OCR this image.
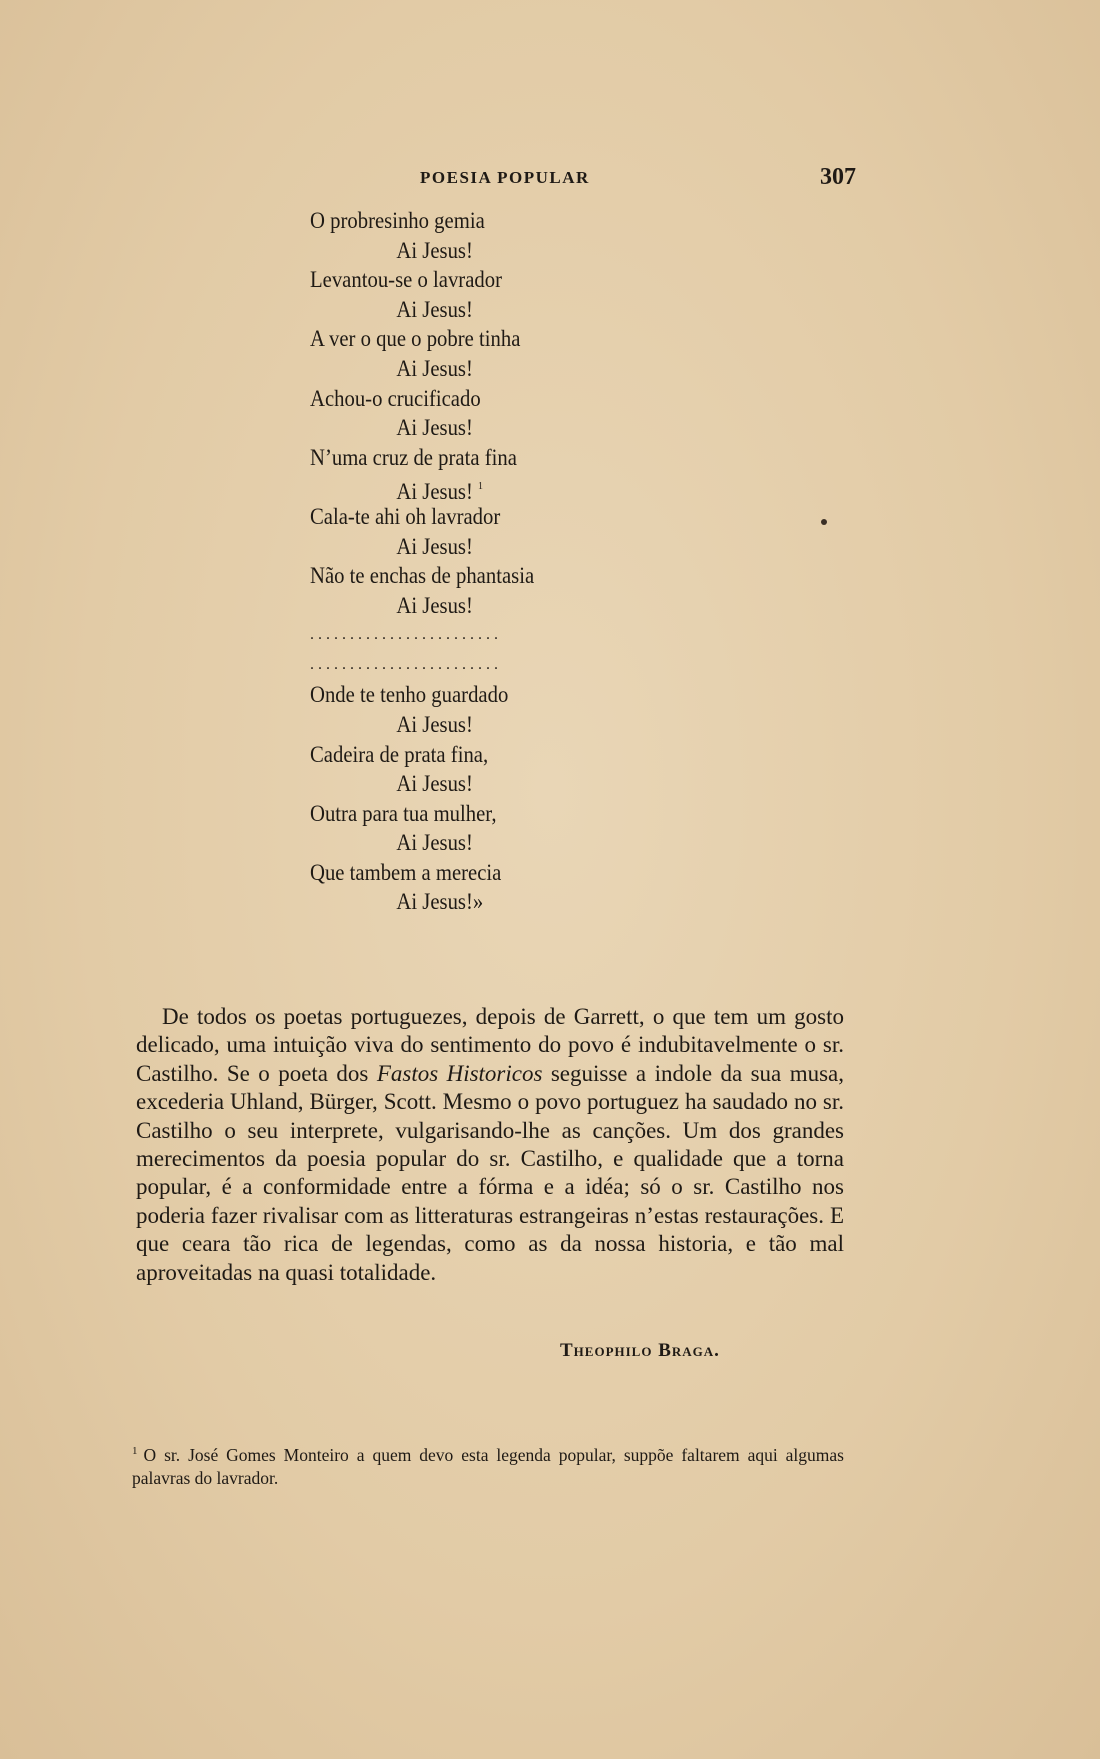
POESIA POPULAR	307
O probresinho gemia
Ai Jesus!
Levantou-se o lavrador
Ai Jesus!
A ver o que o pobre tinha
Ai Jesus!
Achou-o crucificado
Ai Jesus!
N’uma cruz de prata fina
Ai Jesus! $^1$
Cala-te ahi oh lavrador
Ai Jesus!
Não te enchas de phantasia
Ai Jesus!
........................
........................
Onde te tenho guardado
Ai Jesus!
Cadeira de prata fina,
Ai Jesus!
Outra para tua mulher,
Ai Jesus!
Que tambem a merecia
Ai Jesus!»

De todos os poetas portuguezes, depois de Garrett, o que tem um gosto delicado, uma intuição viva do sentimento do povo é indubitavelmente o sr. Castilho. Se o poeta dos Fastos Historicos seguisse a indole da sua musa, excederia Uhland, Bürger, Scott. Mesmo o povo portuguez ha saudado no sr. Castilho o seu interprete, vulgarisando-lhe as canções. Um dos grandes merecimentos da poesia popular do sr. Castilho, e qualidade que a torna popular, é a conformidade entre a fórma e a idéa; só o sr. Castilho nos poderia fazer rivalisar com as litteraturas estrangeiras n’estas restaurações. E que ceara tão rica de legendas, como as da nossa historia, e tão mal aproveitadas na quasi totalidade.

Theophilo Braga.

$^1$ O sr. José Gomes Monteiro a quem devo esta legenda popular, suppõe faltarem aqui algumas palavras do lavrador.
